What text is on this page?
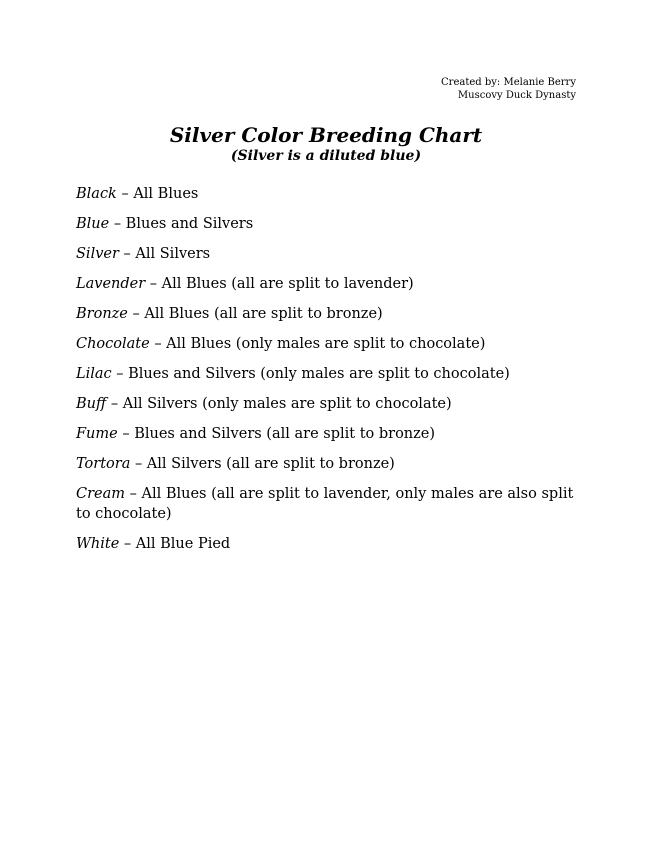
Created by: Melanie Berry
Muscovy Duck Dynasty
Silver Color Breeding Chart
(Silver is a diluted blue)
Black – All Blues
Blue – Blues and Silvers
Silver – All Silvers
Lavender – All Blues (all are split to lavender)
Bronze – All Blues (all are split to bronze)
Chocolate – All Blues (only males are split to chocolate)
Lilac – Blues and Silvers (only males are split to chocolate)
Buff – All Silvers (only males are split to chocolate)
Fume – Blues and Silvers (all are split to bronze)
Tortora – All Silvers (all are split to bronze)
Cream – All Blues (all are split to lavender, only males are also split to chocolate)
White – All Blue Pied
